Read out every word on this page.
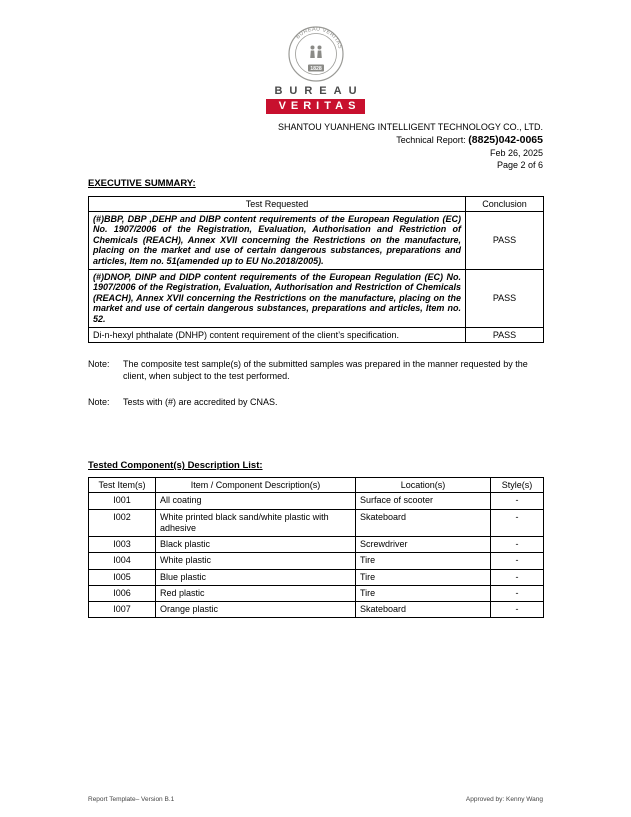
BUREAU VERITAS
1828
BUREAU
VERITAS
SHANTOU YUANHENG INTELLIGENT TECHNOLOGY CO., LTD.
Technical Report: (8825)042-0065
Feb 26, 2025
Page 2 of 6
EXECUTIVE SUMMARY:
Test Requested	Conclusion
(#)BBP, DBP ,DEHP and DIBP content requirements of the European Regulation (EC) No. 1907/2006 of the Registration, Evaluation, Authorisation and Restriction of Chemicals (REACH), Annex XVII concerning the Restrictions on the manufacture, placing on the market and use of certain dangerous substances, preparations and articles, Item no. 51(amended up to EU No.2018/2005).	PASS
(#)DNOP, DINP and DIDP content requirements of the European Regulation (EC) No. 1907/2006 of the Registration, Evaluation, Authorisation and Restriction of Chemicals (REACH), Annex XVII concerning the Restrictions on the manufacture, placing on the market and use of certain dangerous substances, preparations and articles, Item no. 52.	PASS
Di-n-hexyl phthalate (DNHP) content requirement of the client’s specification.	PASS
Note:	The composite test sample(s) of the submitted samples was prepared in the manner requested by the client, when subject to the test performed.
Note:	Tests with (#) are accredited by CNAS.
Tested Component(s) Description List:
Test Item(s)	Item / Component Description(s)	Location(s)	Style(s)
I001	All coating	Surface of scooter	-
I002	White printed black sand/white plastic with adhesive	Skateboard	-
I003	Black plastic	Screwdriver	-
I004	White plastic	Tire	-
I005	Blue plastic	Tire	-
I006	Red plastic	Tire	-
I007	Orange plastic	Skateboard	-
Report Template– Version B.1	Approved by: Kenny Wang
